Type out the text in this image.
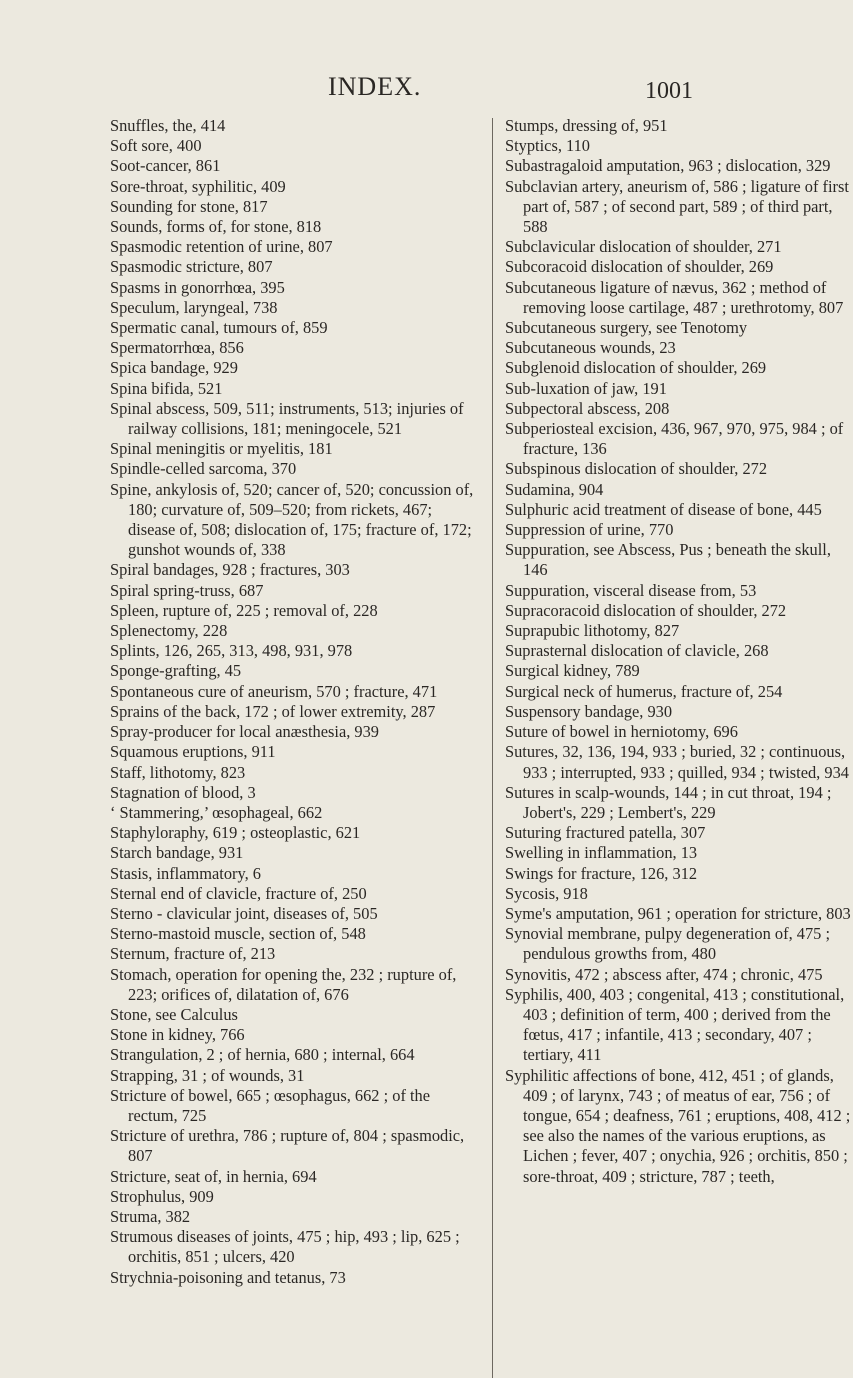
INDEX.	1001

Snuffles, the, 414

Soft sore, 400

Soot-cancer, 861

Sore-throat, syphilitic, 409

Sounding for stone, 817

Sounds, forms of, for stone, 818

Spasmodic retention of urine, 807

Spasmodic stricture, 807

Spasms in gonorrhœa, 395

Speculum, laryngeal, 738

Spermatic canal, tumours of, 859

Spermatorrhœa, 856

Spica bandage, 929

Spina bifida, 521

Spinal abscess, 509, 511; instruments, 513; injuries of railway collisions, 181; meningocele, 521

Spinal meningitis or myelitis, 181

Spindle-celled sarcoma, 370

Spine, ankylosis of, 520; cancer of, 520; concussion of, 180; curvature of, 509–520; from rickets, 467; disease of, 508; dislocation of, 175; fracture of, 172; gunshot wounds of, 338

Spiral bandages, 928 ; fractures, 303

Spiral spring-truss, 687

Spleen, rupture of, 225 ; removal of, 228

Splenectomy, 228

Splints, 126, 265, 313, 498, 931, 978

Sponge-grafting, 45

Spontaneous cure of aneurism, 570 ; fracture, 471

Sprains of the back, 172 ; of lower extremity, 287

Spray-producer for local anæsthesia, 939

Squamous eruptions, 911

Staff, lithotomy, 823

Stagnation of blood, 3

‘ Stammering,’ œsophageal, 662

Staphyloraphy, 619 ; osteoplastic, 621

Starch bandage, 931

Stasis, inflammatory, 6

Sternal end of clavicle, fracture of, 250

Sterno - clavicular joint, diseases of, 505

Sterno-mastoid muscle, section of, 548

Sternum, fracture of, 213

Stomach, operation for opening the, 232 ; rupture of, 223; orifices of, dilatation of, 676

Stone, see Calculus

Stone in kidney, 766

Strangulation, 2 ; of hernia, 680 ; internal, 664

Strapping, 31 ; of wounds, 31

Stricture of bowel, 665 ; œsophagus, 662 ; of the rectum, 725

Stricture of urethra, 786 ; rupture of, 804 ; spasmodic, 807

Stricture, seat of, in hernia, 694

Strophulus, 909

Struma, 382

Strumous diseases of joints, 475 ; hip, 493 ; lip, 625 ; orchitis, 851 ; ulcers, 420

Strychnia-poisoning and tetanus, 73

Stumps, dressing of, 951

Styptics, 110

Subastragaloid amputation, 963 ; dislocation, 329

Subclavian artery, aneurism of, 586 ; ligature of first part of, 587 ; of second part, 589 ; of third part, 588

Subclavicular dislocation of shoulder, 271

Subcoracoid dislocation of shoulder, 269

Subcutaneous ligature of nævus, 362 ; method of removing loose cartilage, 487 ; urethrotomy, 807

Subcutaneous surgery, see Tenotomy

Subcutaneous wounds, 23

Subglenoid dislocation of shoulder, 269

Sub-luxation of jaw, 191

Subpectoral abscess, 208

Subperiosteal excision, 436, 967, 970, 975, 984 ; of fracture, 136

Subspinous dislocation of shoulder, 272

Sudamina, 904

Sulphuric acid treatment of disease of bone, 445

Suppression of urine, 770

Suppuration, see Abscess, Pus ; beneath the skull, 146

Suppuration, visceral disease from, 53

Supracoracoid dislocation of shoulder, 272

Suprapubic lithotomy, 827

Suprasternal dislocation of clavicle, 268

Surgical kidney, 789

Surgical neck of humerus, fracture of, 254

Suspensory bandage, 930

Suture of bowel in herniotomy, 696

Sutures, 32, 136, 194, 933 ; buried, 32 ; continuous, 933 ; interrupted, 933 ; quilled, 934 ; twisted, 934

Sutures in scalp-wounds, 144 ; in cut throat, 194 ; Jobert's, 229 ; Lembert's, 229

Suturing fractured patella, 307

Swelling in inflammation, 13

Swings for fracture, 126, 312

Sycosis, 918

Syme's amputation, 961 ; operation for stricture, 803

Synovial membrane, pulpy degeneration of, 475 ; pendulous growths from, 480

Synovitis, 472 ; abscess after, 474 ; chronic, 475

Syphilis, 400, 403 ; congenital, 413 ; constitutional, 403 ; definition of term, 400 ; derived from the fœtus, 417 ; infantile, 413 ; secondary, 407 ; tertiary, 411

Syphilitic affections of bone, 412, 451 ; of glands, 409 ; of larynx, 743 ; of meatus of ear, 756 ; of tongue, 654 ; deafness, 761 ; eruptions, 408, 412 ; see also the names of the various eruptions, as Lichen ; fever, 407 ; onychia, 926 ; orchitis, 850 ; sore-throat, 409 ; stricture, 787 ; teeth,
